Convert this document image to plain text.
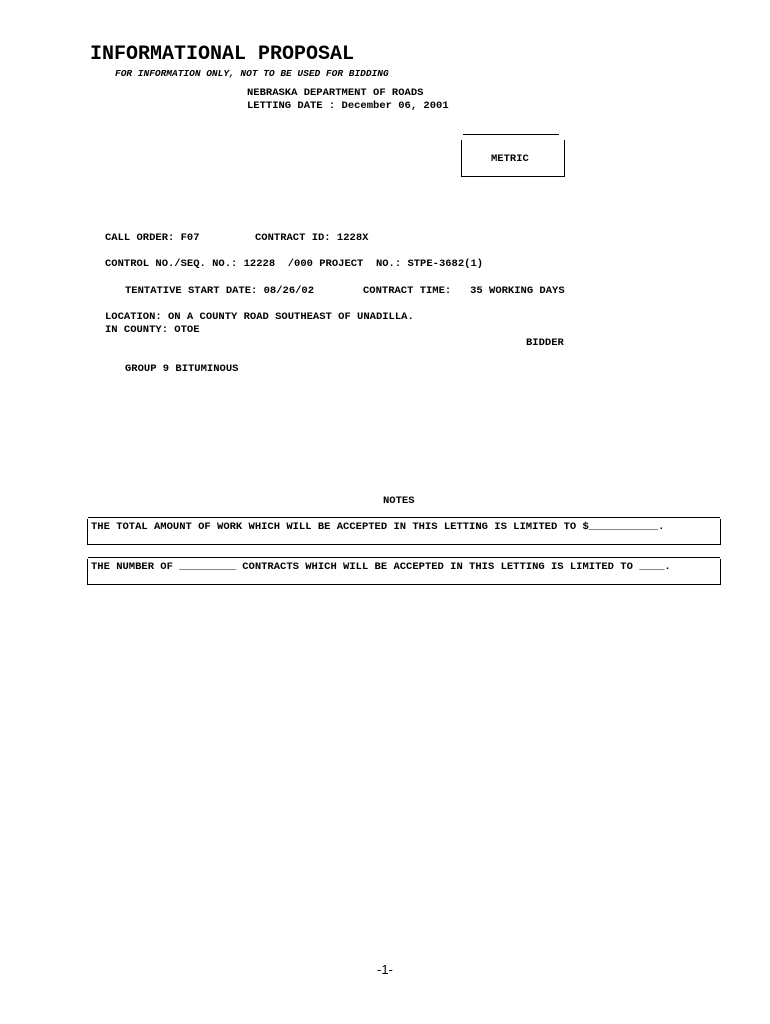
INFORMATIONAL PROPOSAL
FOR INFORMATION ONLY, NOT TO BE USED FOR BIDDING
NEBRASKA DEPARTMENT OF ROADS
LETTING DATE : December 06, 2001
METRIC
CALL ORDER: F07	CONTRACT ID: 1228X
CONTROL NO./SEQ. NO.: 12228  /000 PROJECT  NO.: STPE-3682(1)
TENTATIVE START DATE: 08/26/02	CONTRACT TIME:   35 WORKING DAYS
LOCATION: ON A COUNTY ROAD SOUTHEAST OF UNADILLA.
IN COUNTY: OTOE
BIDDER
GROUP 9 BITUMINOUS
NOTES
THE TOTAL AMOUNT OF WORK WHICH WILL BE ACCEPTED IN THIS LETTING IS LIMITED TO $___________.
THE NUMBER OF _________ CONTRACTS WHICH WILL BE ACCEPTED IN THIS LETTING IS LIMITED TO ____.
-1-
